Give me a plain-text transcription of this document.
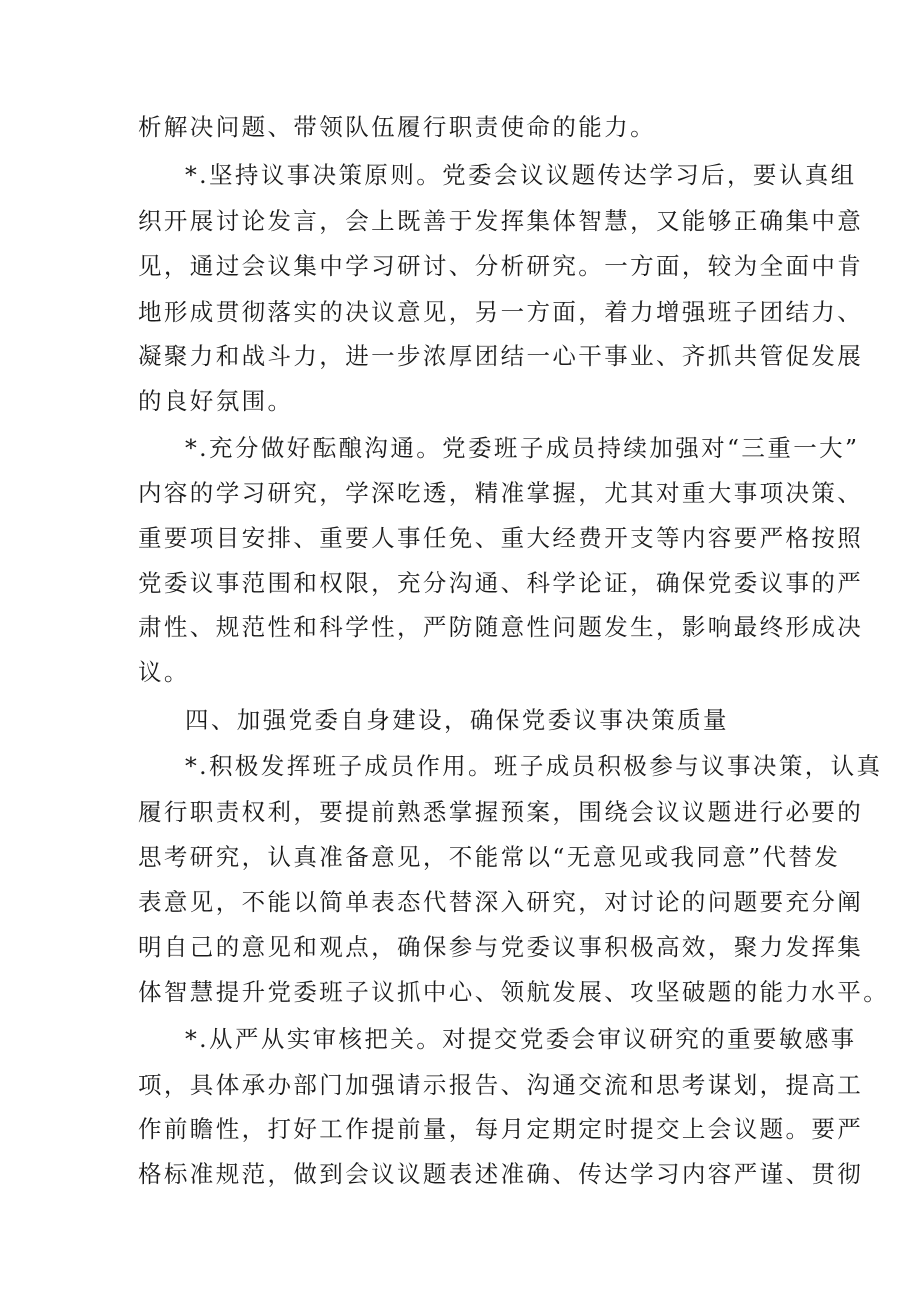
析解决问题、带领队伍履行职责使命的能力。
*.坚持议事决策原则。党委会议议题传达学习后，要认真组
织开展讨论发言，会上既善于发挥集体智慧，又能够正确集中意
见，通过会议集中学习研讨、分析研究。一方面，较为全面中肯
地形成贯彻落实的决议意见，另一方面，着力增强班子团结力、
凝聚力和战斗力，进一步浓厚团结一心干事业、齐抓共管促发展
的良好氛围。
*.充分做好酝酿沟通。党委班子成员持续加强对“三重一大”
内容的学习研究，学深吃透，精准掌握，尤其对重大事项决策、
重要项目安排、重要人事任免、重大经费开支等内容要严格按照
党委议事范围和权限，充分沟通、科学论证，确保党委议事的严
肃性、规范性和科学性，严防随意性问题发生，影响最终形成决
议。
四、加强党委自身建设，确保党委议事决策质量
*.积极发挥班子成员作用。班子成员积极参与议事决策，认真
履行职责权利，要提前熟悉掌握预案，围绕会议议题进行必要的
思考研究，认真准备意见，不能常以“无意见或我同意”代替发
表意见，不能以简单表态代替深入研究，对讨论的问题要充分阐
明自己的意见和观点，确保参与党委议事积极高效，聚力发挥集
体智慧提升党委班子议抓中心、领航发展、攻坚破题的能力水平。
*.从严从实审核把关。对提交党委会审议研究的重要敏感事
项，具体承办部门加强请示报告、沟通交流和思考谋划，提高工
作前瞻性，打好工作提前量，每月定期定时提交上会议题。要严
格标准规范，做到会议议题表述准确、传达学习内容严谨、贯彻
